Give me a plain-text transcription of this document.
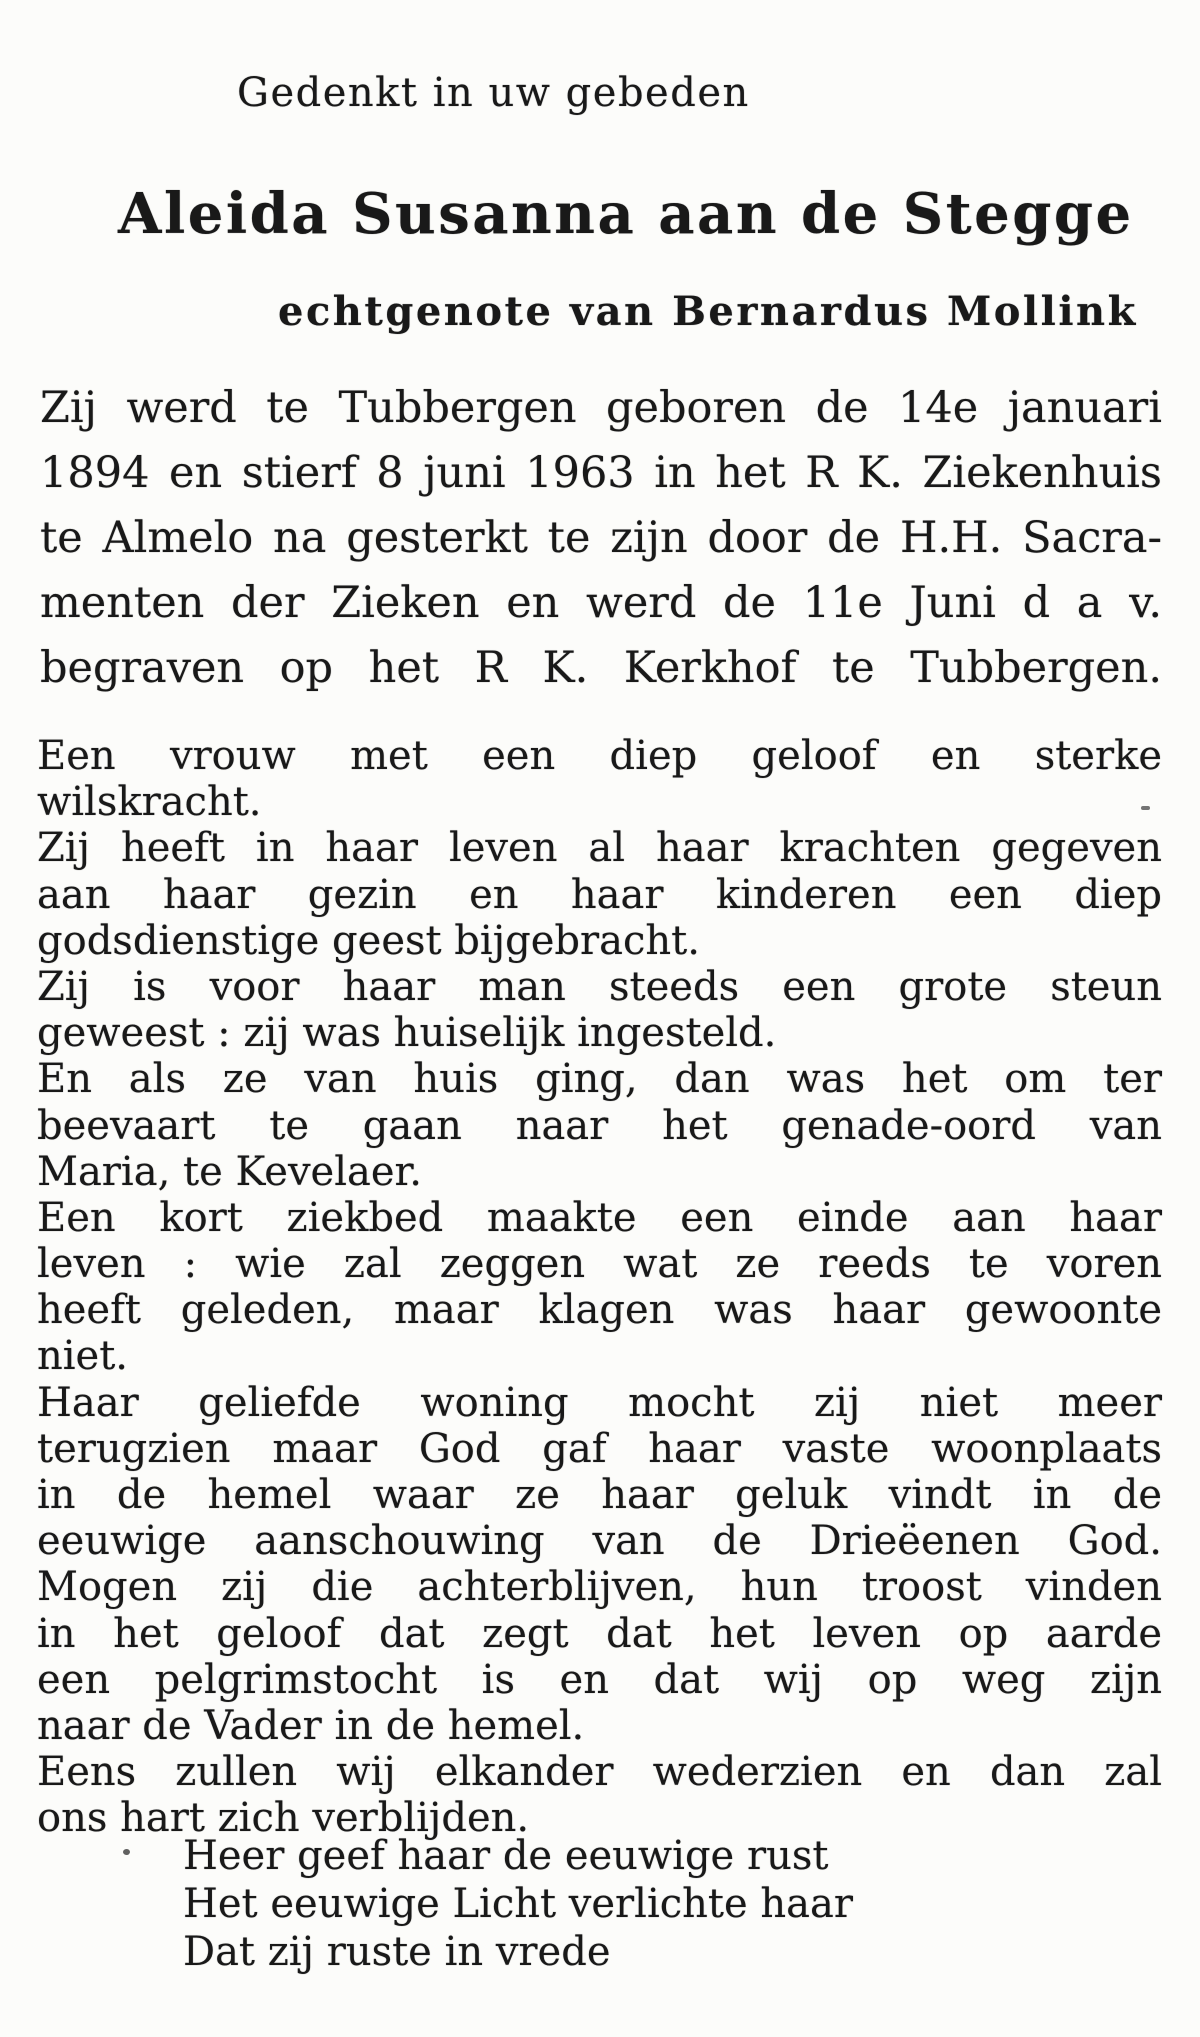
Gedenkt in uw gebeden
Aleida Susanna aan de Stegge
echtgenote van Bernardus Mollink
Zij werd te Tubbergen geboren de 14e januari
1894 en stierf 8 juni 1963 in het R K. Ziekenhuis
te Almelo na gesterkt te zijn door de H.H. Sacra-
menten der Zieken en werd de 11e Juni d a v.
begraven op het R K. Kerkhof te Tubbergen.
Een vrouw met een diep geloof en sterke
wilskracht.
Zij heeft in haar leven al haar krachten gegeven
aan haar gezin en haar kinderen een diep
godsdienstige geest bijgebracht.
Zij is voor haar man steeds een grote steun
geweest : zij was huiselijk ingesteld.
En als ze van huis ging, dan was het om ter
beevaart te gaan naar het genade-oord van
Maria, te Kevelaer.
Een kort ziekbed maakte een einde aan haar
leven : wie zal zeggen wat ze reeds te voren
heeft geleden, maar klagen was haar gewoonte
niet.
Haar geliefde woning mocht zij niet meer
terugzien maar God gaf haar vaste woonplaats
in de hemel waar ze haar geluk vindt in de
eeuwige aanschouwing van de Drieëenen God.
Mogen zij die achterblijven, hun troost vinden
in het geloof dat zegt dat het leven op aarde
een pelgrimstocht is en dat wij op weg zijn
naar de Vader in de hemel.
Eens zullen wij elkander wederzien en dan zal
ons hart zich verblijden.
Heer geef haar de eeuwige rust
Het eeuwige Licht verlichte haar
Dat zij ruste in vrede
